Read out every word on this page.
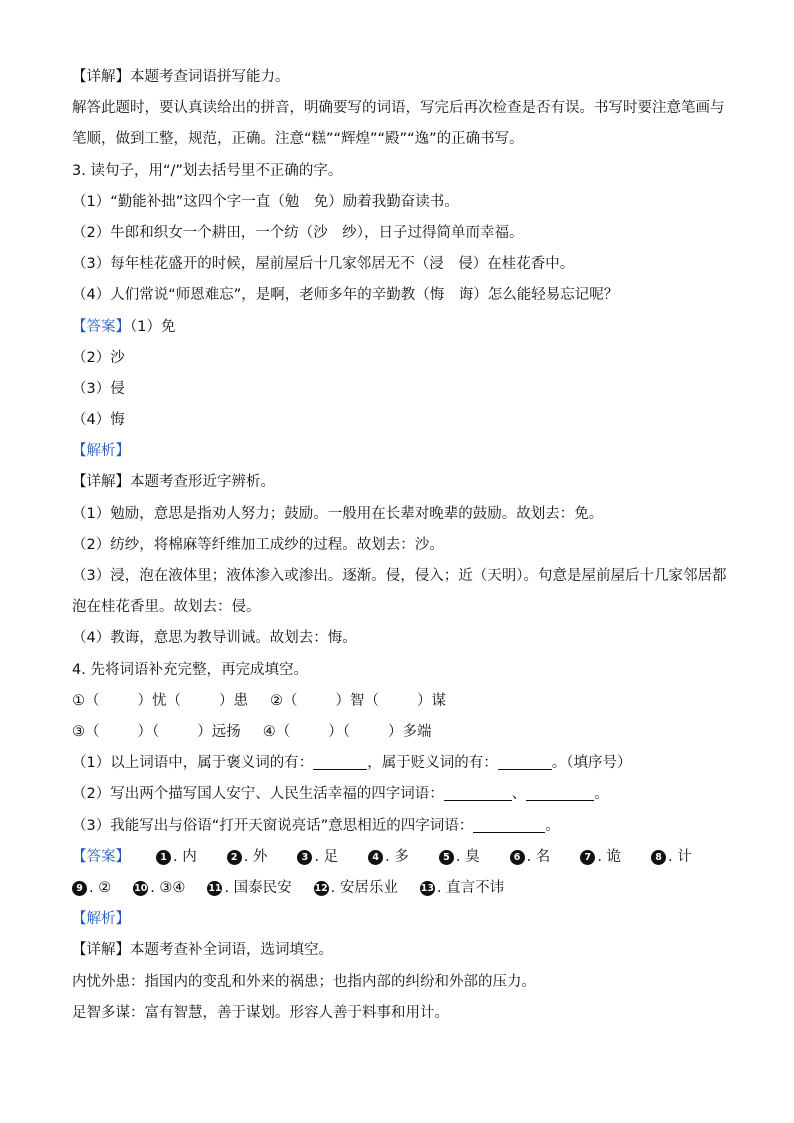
【详解】本题考查词语拼写能力。
解答此题时，要认真读给出的拼音，明确要写的词语，写完后再次检查是否有误。书写时要注意笔画与笔顺，做到工整，规范，正确。注意“糕”“辉煌”“殿”“逸”的正确书写。
3. 读句子，用“/”划去括号里不正确的字。
（1）“勤能补拙”这四个字一直（勉　免）励着我勤奋读书。
（2）牛郎和织女一个耕田，一个纺（沙　纱），日子过得简单而幸福。
（3）每年桂花盛开的时候，屋前屋后十几家邻居无不（浸　侵）在桂花香中。
（4）人们常说“师恩难忘”，是啊，老师多年的辛勤教（悔　诲）怎么能轻易忘记呢？
【答案】（1）免
（2）沙
（3）侵
（4）悔
【解析】
【详解】本题考查形近字辨析。
（1）勉励，意思是指劝人努力；鼓励。一般用在长辈对晚辈的鼓励。故划去：免。
（2）纺纱，将棉麻等纤维加工成纱的过程。故划去：沙。
（3）浸，泡在液体里；液体渗入或渗出。逐渐。侵，侵入；近（天明）。句意是屋前屋后十几家邻居都泡在桂花香里。故划去：侵。
（4）教诲，意思为教导训诫。故划去：悔。
4. 先将词语补充完整，再完成填空。
①（	）忧（	）患 ②（	）智（	）谋
③（	）（	）远扬 ④（	）（	）多端
（1）以上词语中，属于褒义词的有：	，属于贬义词的有：	。（填序号）
（2）写出两个描写国人安宁、人民生活幸福的四字词语：	、	。
（3）我能写出与俗语“打开天窗说亮话”意思相近的四字词语：	。
【答案】	1 . 内	2 . 外	3 . 足	4 . 多	5 . 臭	6 . 名	7 . 诡	8 . 计
9 . ② 10 . ③④ 11 . 国泰民安 12 . 安居乐业 13 . 直言不讳
【解析】
【详解】本题考查补全词语，选词填空。
内忧外患：指国内的变乱和外来的祸患；也指内部的纠纷和外部的压力。
足智多谋：富有智慧，善于谋划。形容人善于料事和用计。
